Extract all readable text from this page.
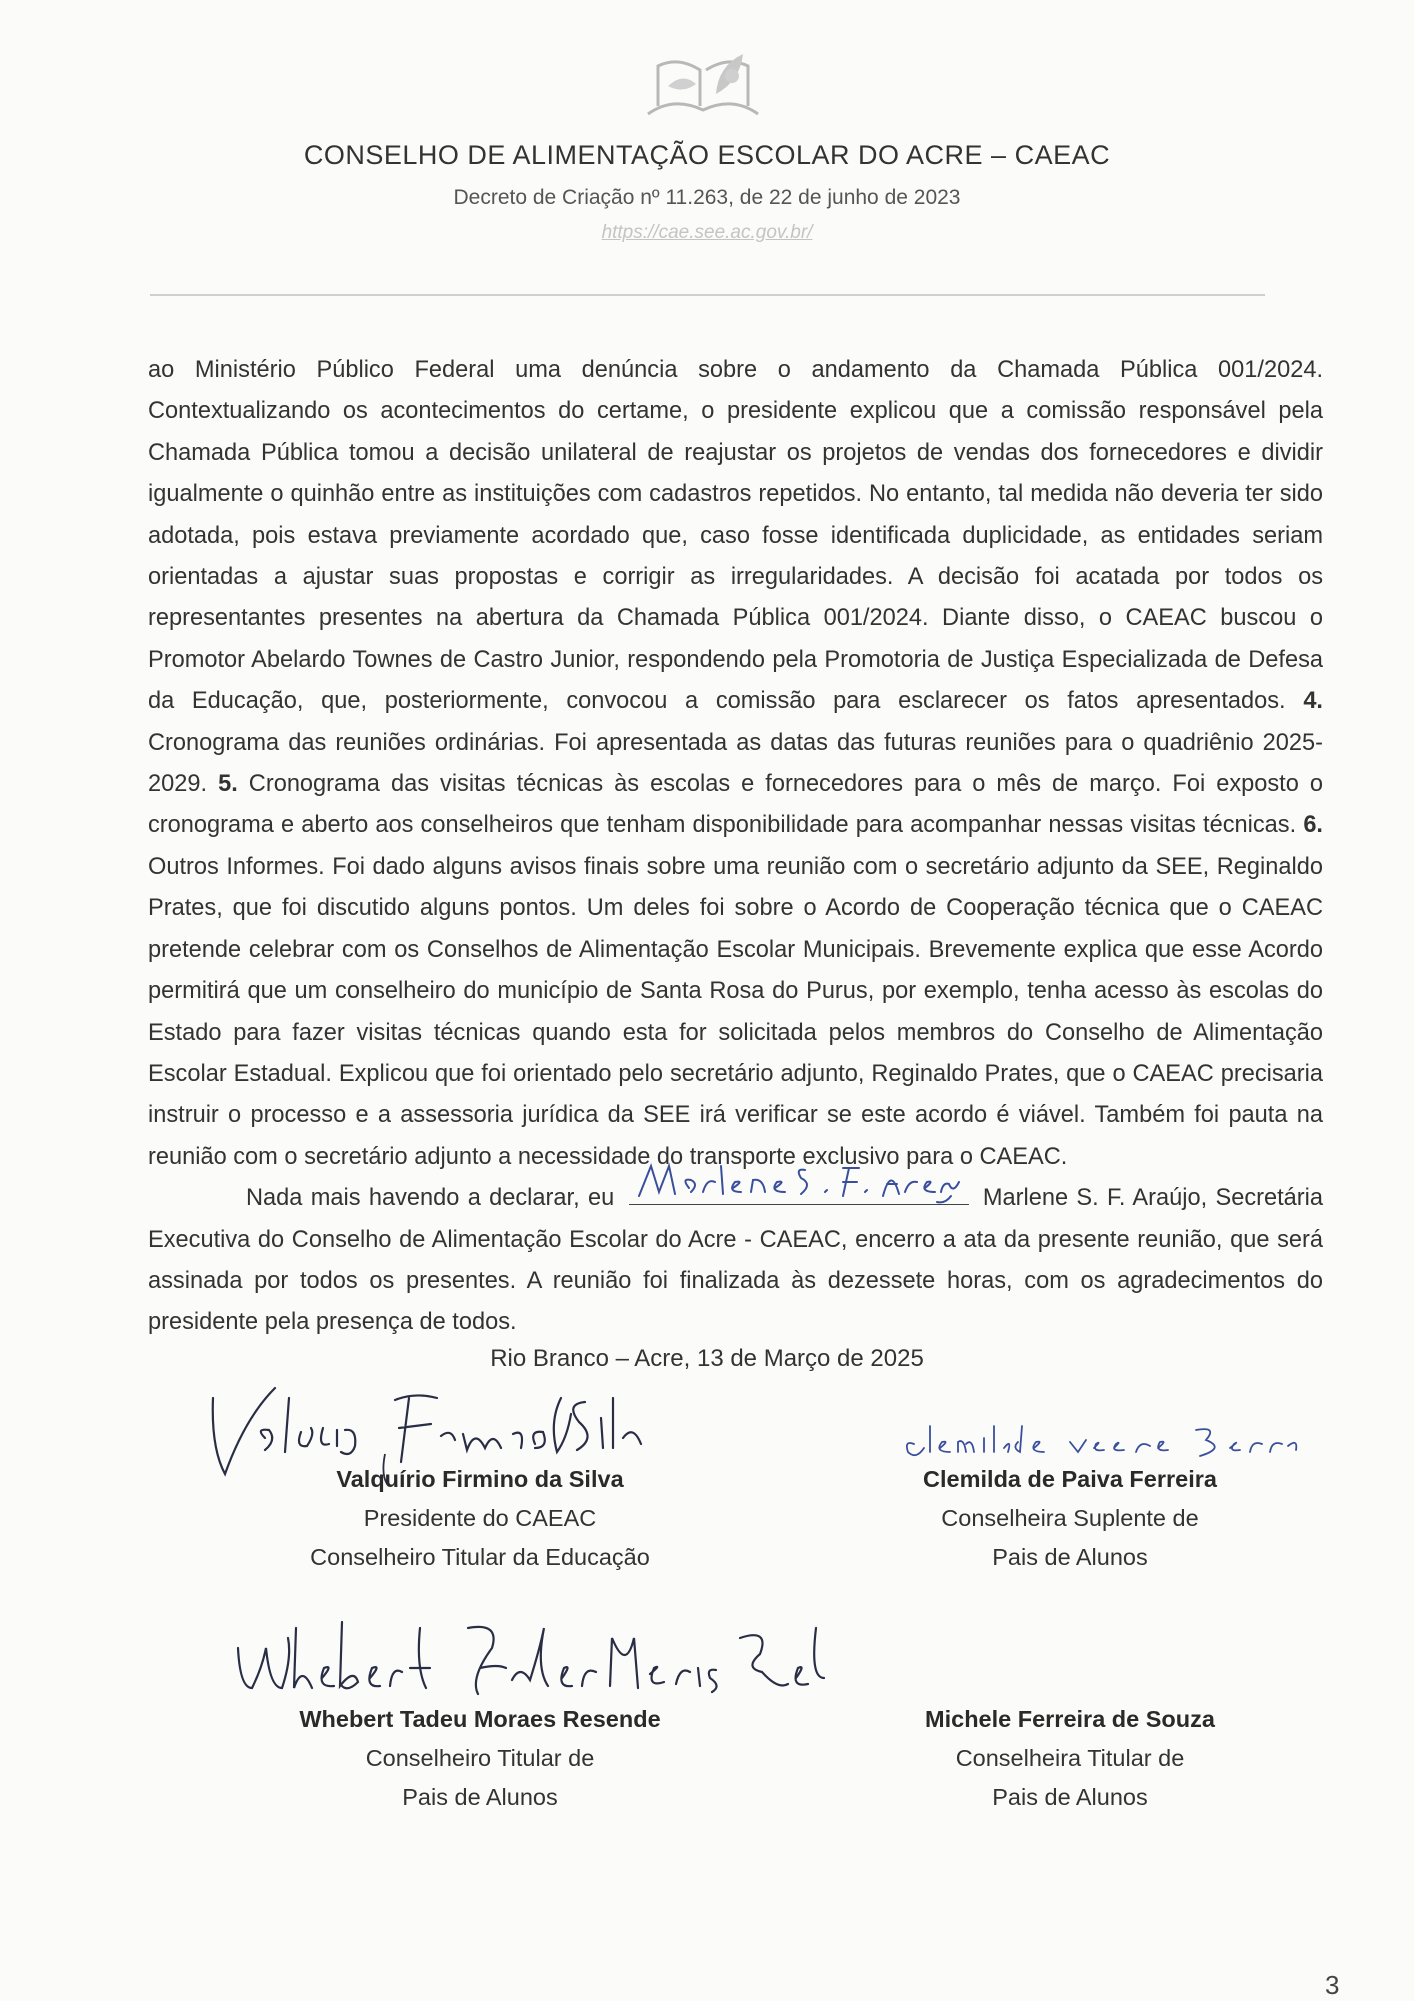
CONSELHO DE ALIMENTAÇÃO ESCOLAR DO ACRE – CAEAC
Decreto de Criação nº 11.263, de 22 de junho de 2023
https://cae.see.ac.gov.br/

ao Ministério Público Federal uma denúncia sobre o andamento da Chamada Pública 001/2024. Contextualizando os acontecimentos do certame, o presidente explicou que a comissão responsável pela Chamada Pública tomou a decisão unilateral de reajustar os projetos de vendas dos fornecedores e dividir igualmente o quinhão entre as instituições com cadastros repetidos. No entanto, tal medida não deveria ter sido adotada, pois estava previamente acordado que, caso fosse identificada duplicidade, as entidades seriam orientadas a ajustar suas propostas e corrigir as irregularidades. A decisão foi acatada por todos os representantes presentes na abertura da Chamada Pública 001/2024. Diante disso, o CAEAC buscou o Promotor Abelardo Townes de Castro Junior, respondendo pela Promotoria de Justiça Especializada de Defesa da Educação, que, posteriormente, convocou a comissão para esclarecer os fatos apresentados. 4. Cronograma das reuniões ordinárias. Foi apresentada as datas das futuras reuniões para o quadriênio 2025-2029. 5. Cronograma das visitas técnicas às escolas e fornecedores para o mês de março. Foi exposto o cronograma e aberto aos conselheiros que tenham disponibilidade para acompanhar nessas visitas técnicas. 6. Outros Informes. Foi dado alguns avisos finais sobre uma reunião com o secretário adjunto da SEE, Reginaldo Prates, que foi discutido alguns pontos. Um deles foi sobre o Acordo de Cooperação técnica que o CAEAC pretende celebrar com os Conselhos de Alimentação Escolar Municipais. Brevemente explica que esse Acordo permitirá que um conselheiro do município de Santa Rosa do Purus, por exemplo, tenha acesso às escolas do Estado para fazer visitas técnicas quando esta for solicitada pelos membros do Conselho de Alimentação Escolar Estadual. Explicou que foi orientado pelo secretário adjunto, Reginaldo Prates, que o CAEAC precisaria instruir o processo e a assessoria jurídica da SEE irá verificar se este acordo é viável. Também foi pauta na reunião com o secretário adjunto a necessidade do transporte exclusivo para o CAEAC.

Nada mais havendo a declarar, eu	Marlene S. F. Araújo, Secretária Executiva do Conselho de Alimentação Escolar do Acre - CAEAC, encerro a ata da presente reunião, que será assinada por todos os presentes. A reunião foi finalizada às dezessete horas, com os agradecimentos do presidente pela presença de todos.

Rio Branco – Acre, 13 de Março de 2025
Valquírio Firmino da Silva
Presidente do CAEAC
Conselheiro Titular da Educação
Clemilda de Paiva Ferreira
Conselheira Suplente de
Pais de Alunos
Whebert Tadeu Moraes Resende
Conselheiro Titular de
Pais de Alunos
Michele Ferreira de Souza
Conselheira Titular de
Pais de Alunos
3
